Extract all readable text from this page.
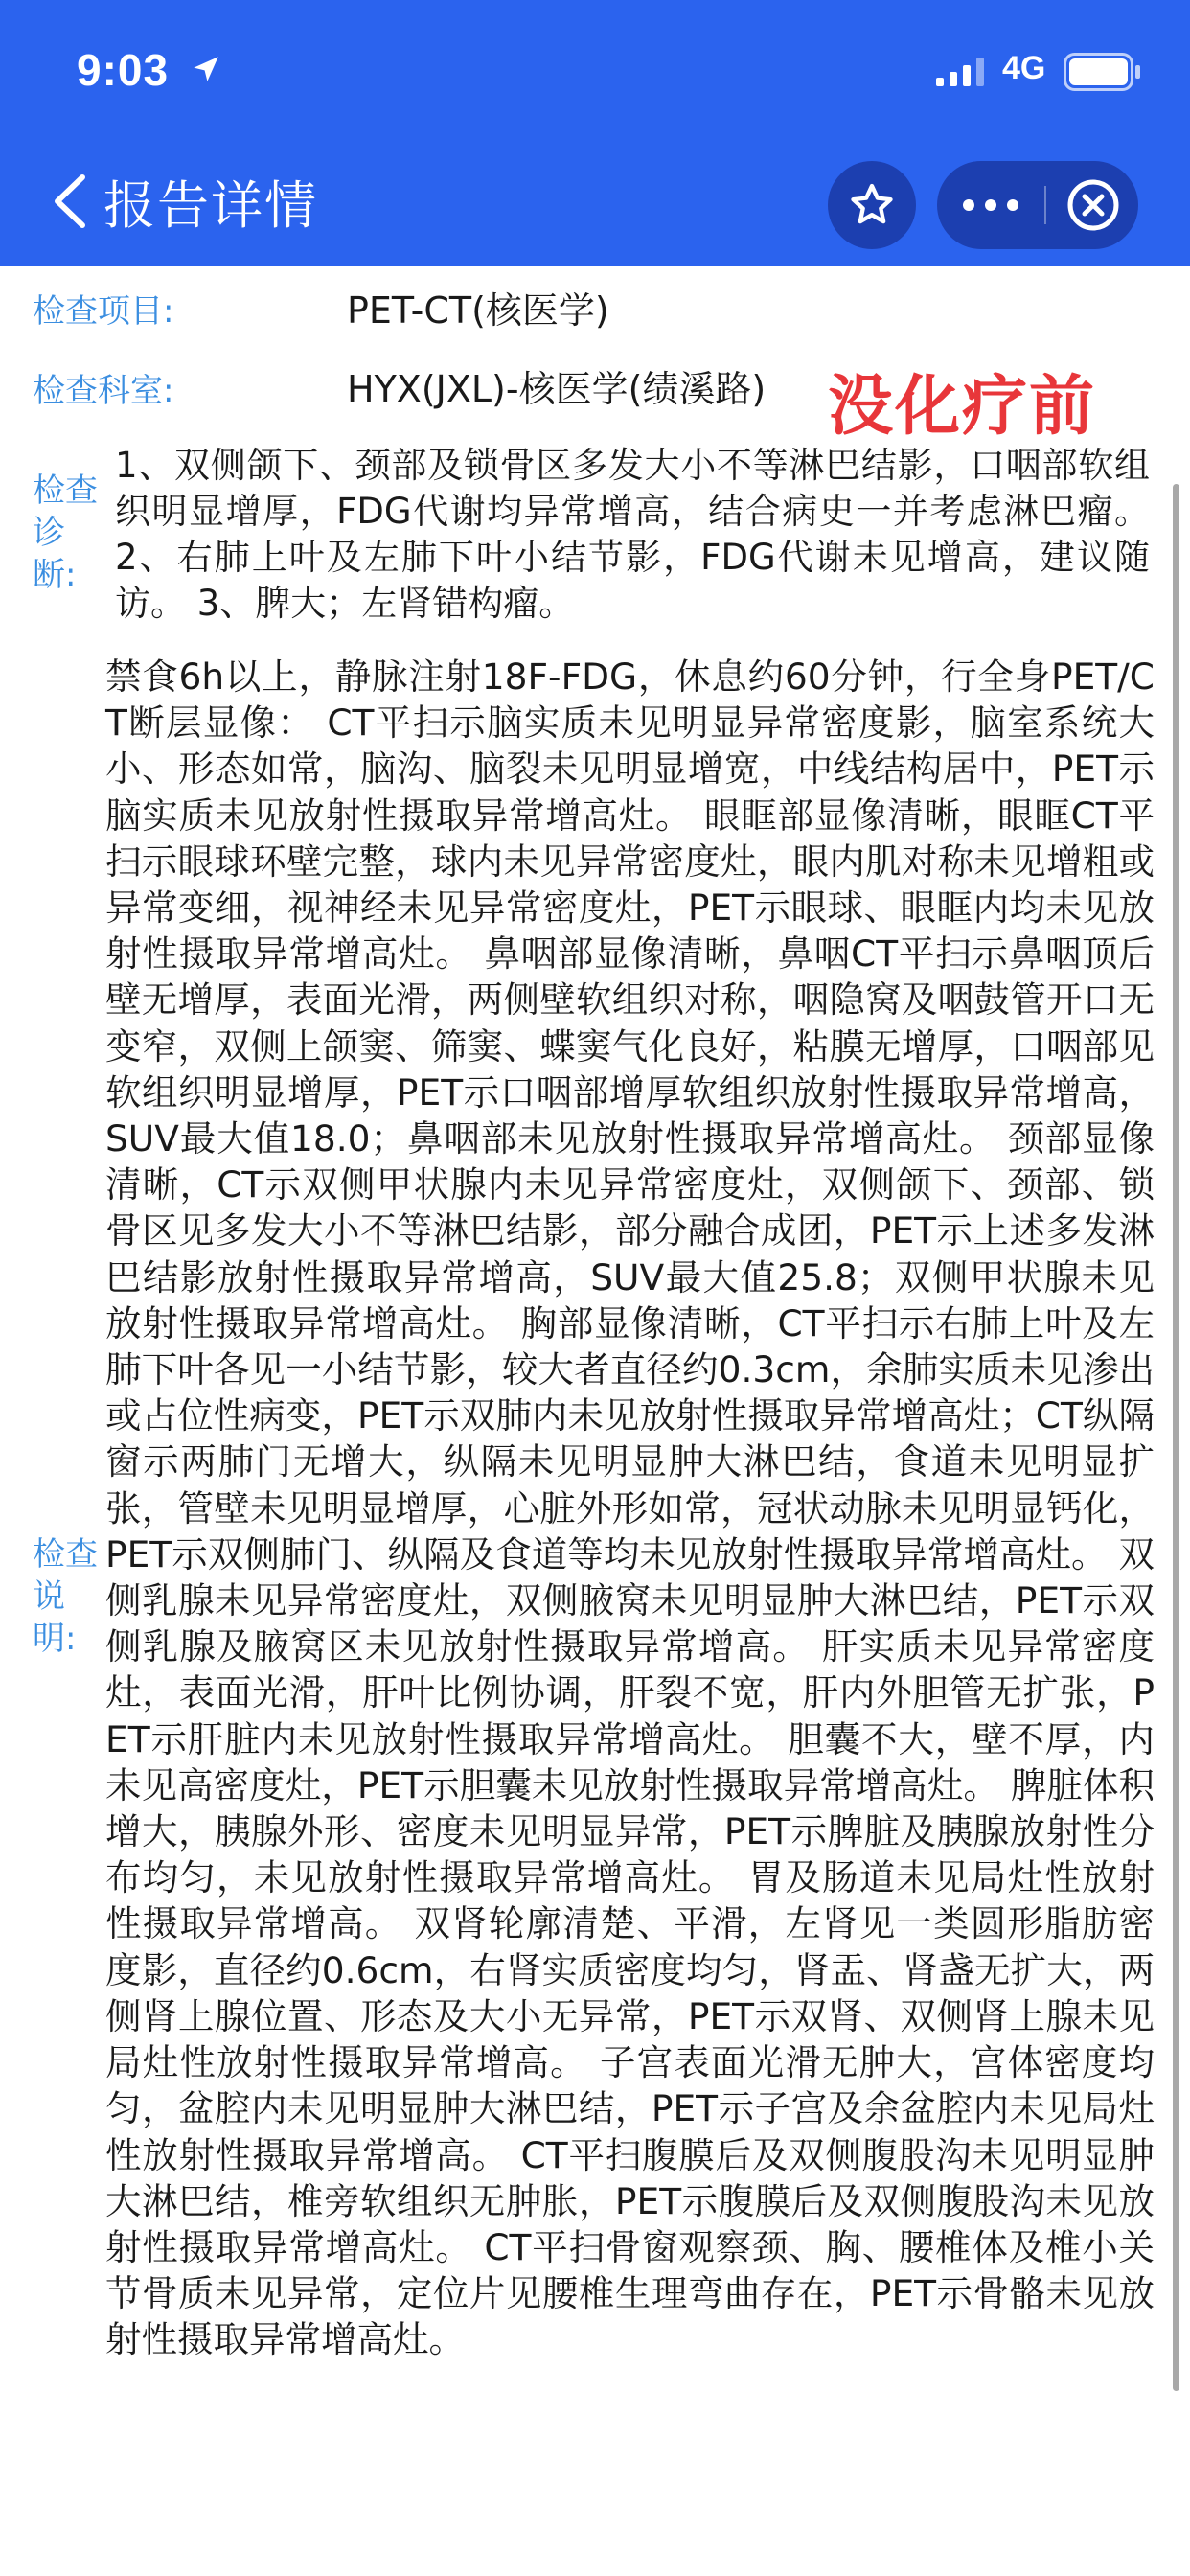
9:03	4G
报告详情
检查项目:	PET-CT(核医学)
检查科室:	HYX(JXL)-核医学(绩溪路) 没化疗前
检查诊断:
1、双侧颌下、颈部及锁骨区多发大小不等淋巴结影，口咽部软组织明显增厚，FDG代谢均异常增高，结合病史一并考虑淋巴瘤。 2、右肺上叶及左肺下叶小结节影，FDG代谢未见增高，建议随访。 3、脾大；左肾错构瘤。
检查说明:
禁食6h以上，静脉注射18F-FDG，休息约60分钟，行全身PET/CT断层显像： CT平扫示脑实质未见明显异常密度影，脑室系统大小、形态如常，脑沟、脑裂未见明显增宽，中线结构居中，PET示脑实质未见放射性摄取异常增高灶。 眼眶部显像清晰，眼眶CT平扫示眼球环壁完整，球内未见异常密度灶，眼内肌对称未见增粗或异常变细，视神经未见异常密度灶，PET示眼球、眼眶内均未见放射性摄取异常增高灶。 鼻咽部显像清晰，鼻咽CT平扫示鼻咽顶后壁无增厚，表面光滑，两侧壁软组织对称，咽隐窝及咽鼓管开口无变窄，双侧上颌窦、筛窦、蝶窦气化良好，粘膜无增厚，口咽部见软组织明显增厚，PET示口咽部增厚软组织放射性摄取异常增高，SUV最大值18.0；鼻咽部未见放射性摄取异常增高灶。 颈部显像清晰，CT示双侧甲状腺内未见异常密度灶，双侧颌下、颈部、锁骨区见多发大小不等淋巴结影，部分融合成团，PET示上述多发淋巴结影放射性摄取异常增高，SUV最大值25.8；双侧甲状腺未见放射性摄取异常增高灶。 胸部显像清晰，CT平扫示右肺上叶及左肺下叶各见一小结节影，较大者直径约0.3cm，余肺实质未见渗出或占位性病变，PET示双肺内未见放射性摄取异常增高灶；CT纵隔窗示两肺门无增大，纵隔未见明显肿大淋巴结，食道未见明显扩张，管壁未见明显增厚，心脏外形如常，冠状动脉未见明显钙化，PET示双侧肺门、纵隔及食道等均未见放射性摄取异常增高灶。 双侧乳腺未见异常密度灶，双侧腋窝未见明显肿大淋巴结，PET示双侧乳腺及腋窝区未见放射性摄取异常增高。 肝实质未见异常密度灶，表面光滑，肝叶比例协调，肝裂不宽，肝内外胆管无扩张，PET示肝脏内未见放射性摄取异常增高灶。 胆囊不大，壁不厚，内未见高密度灶，PET示胆囊未见放射性摄取异常增高灶。 脾脏体积增大，胰腺外形、密度未见明显异常，PET示脾脏及胰腺放射性分布均匀，未见放射性摄取异常增高灶。 胃及肠道未见局灶性放射性摄取异常增高。 双肾轮廓清楚、平滑，左肾见一类圆形脂肪密度影，直径约0.6cm，右肾实质密度均匀，肾盂、肾盏无扩大，两侧肾上腺位置、形态及大小无异常，PET示双肾、双侧肾上腺未见局灶性放射性摄取异常增高。 子宫表面光滑无肿大，宫体密度均匀，盆腔内未见明显肿大淋巴结，PET示子宫及余盆腔内未见局灶性放射性摄取异常增高。 CT平扫腹膜后及双侧腹股沟未见明显肿大淋巴结，椎旁软组织无肿胀，PET示腹膜后及双侧腹股沟未见放射性摄取异常增高灶。 CT平扫骨窗观察颈、胸、腰椎体及椎小关节骨质未见异常，定位片见腰椎生理弯曲存在，PET示骨骼未见放射性摄取异常增高灶。
